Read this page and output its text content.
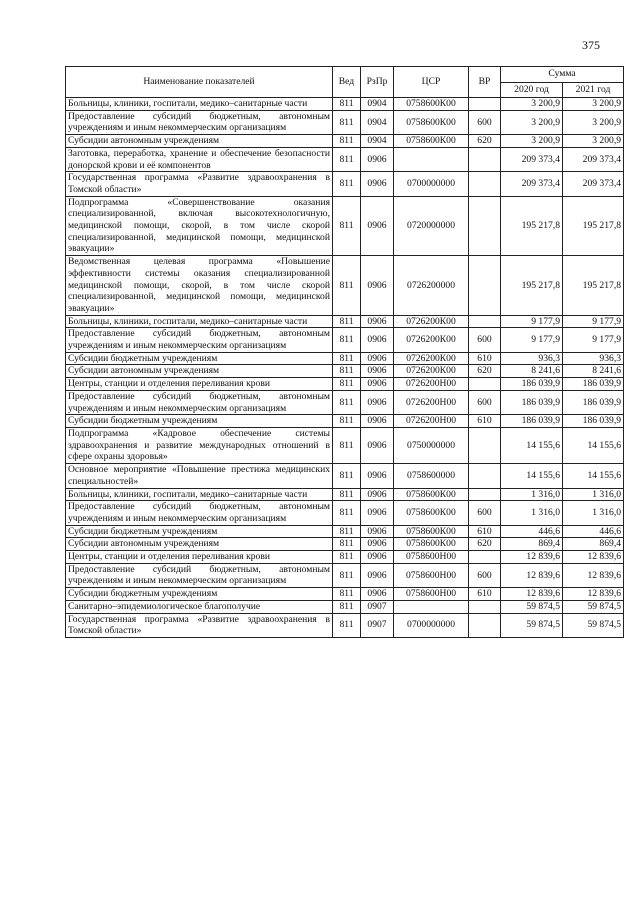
375
Наименование показателей	Вед	РзПр	ЦСР	ВР	Сумма	
					2020 год	2021 год
Больницы, клиники, госпитали, медико–санитарные части	811	0904	0758600К00		3 200,9	3 200,9
Предоставление субсидий бюджетным, автономным учреждениям и иным некоммерческим организациям	811	0904	0758600К00	600	3 200,9	3 200,9
Субсидии автономным учреждениям	811	0904	0758600К00	620	3 200,9	3 200,9
Заготовка, переработка, хранение и обеспечение безопасности донорской крови и её компонентов	811	0906			209 373,4	209 373,4
Государственная программа «Развитие здравоохранения в Томской области»	811	0906	0700000000		209 373,4	209 373,4
Подпрограмма «Совершенствование оказания специализированной, включая высокотехнологичную, медицинской помощи, скорой, в том числе скорой специализированной, медицинской помощи, медицинской эвакуации»	811	0906	0720000000		195 217,8	195 217,8
Ведомственная целевая программа «Повышение эффективности системы оказания специализированной медицинской помощи, скорой, в том числе скорой специализированной, медицинской помощи, медицинской эвакуации»	811	0906	0726200000		195 217,8	195 217,8
Больницы, клиники, госпитали, медико–санитарные части	811	0906	0726200К00		9 177,9	9 177,9
Предоставление субсидий бюджетным, автономным учреждениям и иным некоммерческим организациям	811	0906	0726200К00	600	9 177,9	9 177,9
Субсидии бюджетным учреждениям	811	0906	0726200К00	610	936,3	936,3
Субсидии автономным учреждениям	811	0906	0726200К00	620	8 241,6	8 241,6
Центры, станции и отделения переливания крови	811	0906	0726200Н00		186 039,9	186 039,9
Предоставление субсидий бюджетным, автономным учреждениям и иным некоммерческим организациям	811	0906	0726200Н00	600	186 039,9	186 039,9
Субсидии бюджетным учреждениям	811	0906	0726200Н00	610	186 039,9	186 039,9
Подпрограмма «Кадровое обеспечение системы здравоохранения и развитие международных отношений в сфере охраны здоровья»	811	0906	0750000000		14 155,6	14 155,6
Основное мероприятие «Повышение престижа медицинских специальностей»	811	0906	0758600000		14 155,6	14 155,6
Больницы, клиники, госпитали, медико–санитарные части	811	0906	0758600К00		1 316,0	1 316,0
Предоставление субсидий бюджетным, автономным учреждениям и иным некоммерческим организациям	811	0906	0758600К00	600	1 316,0	1 316,0
Субсидии бюджетным учреждениям	811	0906	0758600К00	610	446,6	446,6
Субсидии автономным учреждениям	811	0906	0758600К00	620	869,4	869,4
Центры, станции и отделения переливания крови	811	0906	0758600Н00		12 839,6	12 839,6
Предоставление субсидий бюджетным, автономным учреждениям и иным некоммерческим организациям	811	0906	0758600Н00	600	12 839,6	12 839,6
Субсидии бюджетным учреждениям	811	0906	0758600Н00	610	12 839,6	12 839,6
Санитарно–эпидемиологическое благополучие	811	0907			59 874,5	59 874,5
Государственная программа «Развитие здравоохранения в Томской области»	811	0907	0700000000		59 874,5	59 874,5
